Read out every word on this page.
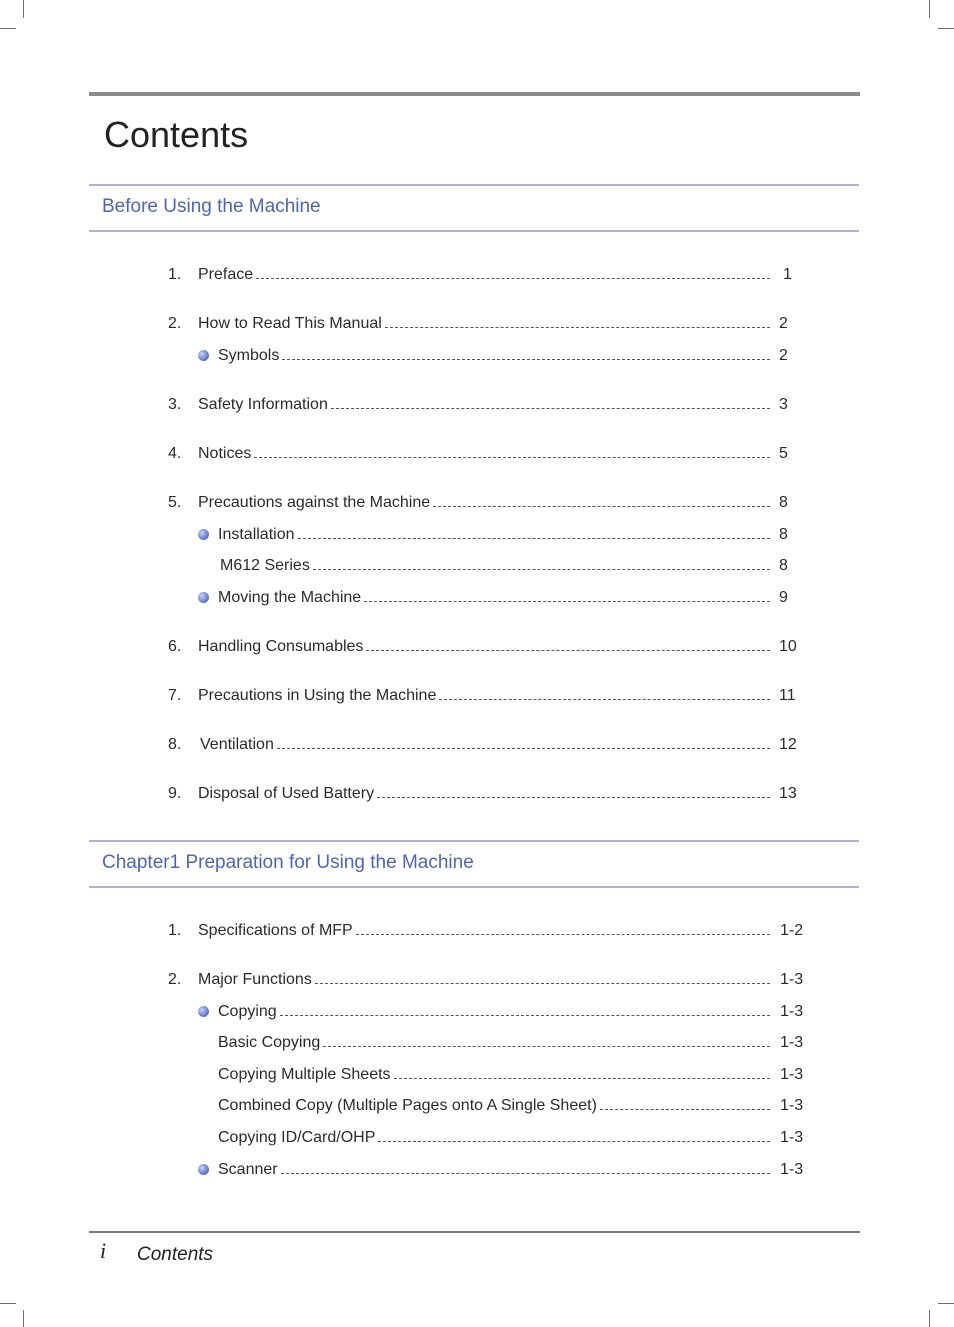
Contents
Before Using the Machine
1. Preface	1
2. How to Read This Manual	2
Symbols	2
3. Safety Information	3
4. Notices	5
5. Precautions against the Machine	8
Installation	8
M612 Series	8
Moving the Machine	9
6. Handling Consumables	10
7. Precautions in Using the Machine	11
8. Ventilation	12
9. Disposal of Used Battery	13
Chapter1 Preparation for Using the Machine
1. Specifications of MFP	1-2
2. Major Functions	1-3
Copying	1-3
Basic Copying	1-3
Copying Multiple Sheets	1-3
Combined Copy (Multiple Pages onto A Single Sheet)	1-3
Copying ID/Card/OHP	1-3
Scanner	1-3
i Contents
